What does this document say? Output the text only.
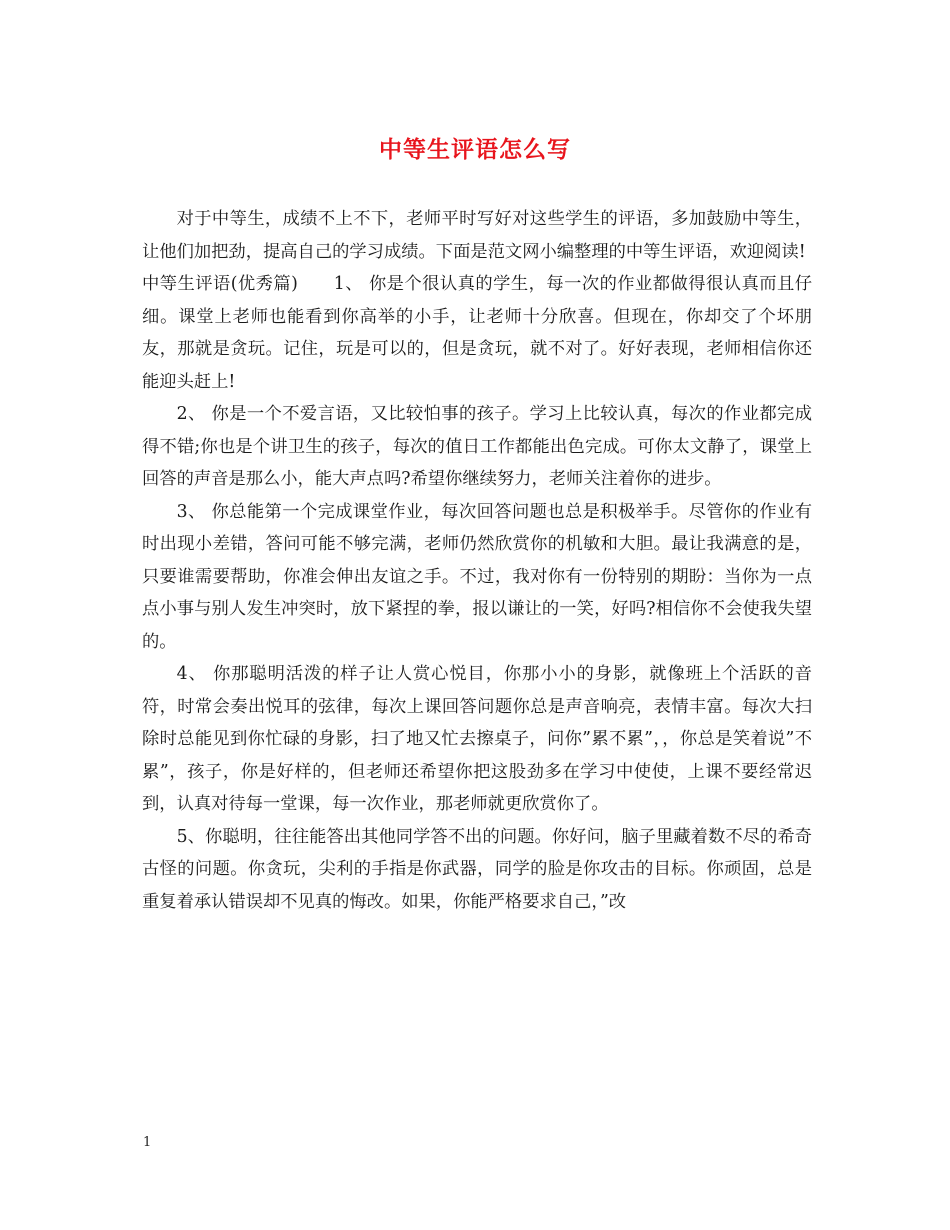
中等生评语怎么写

对于中等生，成绩不上不下，老师平时写好对这些学生的评语，多加鼓励中等生，让他们加把劲，提高自己的学习成绩。下面是范文网小编整理的中等生评语，欢迎阅读!

中等生评语(优秀篇)　　1、 你是个很认真的学生，每一次的作业都做得很认真而且仔细。课堂上老师也能看到你高举的小手，让老师十分欣喜。但现在，你却交了个坏朋友，那就是贪玩。记住，玩是可以的，但是贪玩，就不对了。好好表现，老师相信你还能迎头赶上!

2、 你是一个不爱言语，又比较怕事的孩子。学习上比较认真，每次的作业都完成得不错;你也是个讲卫生的孩子，每次的值日工作都能出色完成。可你太文静了，课堂上回答的声音是那么小，能大声点吗?希望你继续努力，老师关注着你的进步。

3、 你总能第一个完成课堂作业，每次回答问题也总是积极举手。尽管你的作业有时出现小差错，答问可能不够完满，老师仍然欣赏你的机敏和大胆。最让我满意的是，只要谁需要帮助，你准会伸出友谊之手。不过，我对你有一份特别的期盼：当你为一点点小事与别人发生冲突时，放下紧捏的拳，报以谦让的一笑，好吗?相信你不会使我失望的。

4、 你那聪明活泼的样子让人赏心悦目，你那小小的身影，就像班上个活跃的音符，时常会奏出悦耳的弦律，每次上课回答问题你总是声音响亮，表情丰富。每次大扫除时总能见到你忙碌的身影，扫了地又忙去擦桌子，问你”累不累”，，你总是笑着说”不累”，孩子，你是好样的，但老师还希望你把这股劲多在学习中使使，上课不要经常迟到，认真对待每一堂课，每一次作业，那老师就更欣赏你了。

5、你聪明，往往能答出其他同学答不出的问题。你好问，脑子里藏着数不尽的希奇古怪的问题。你贪玩，尖利的手指是你武器，同学的脸是你攻击的目标。你顽固，总是重复着承认错误却不见真的悔改。如果，你能严格要求自己，”改

1
